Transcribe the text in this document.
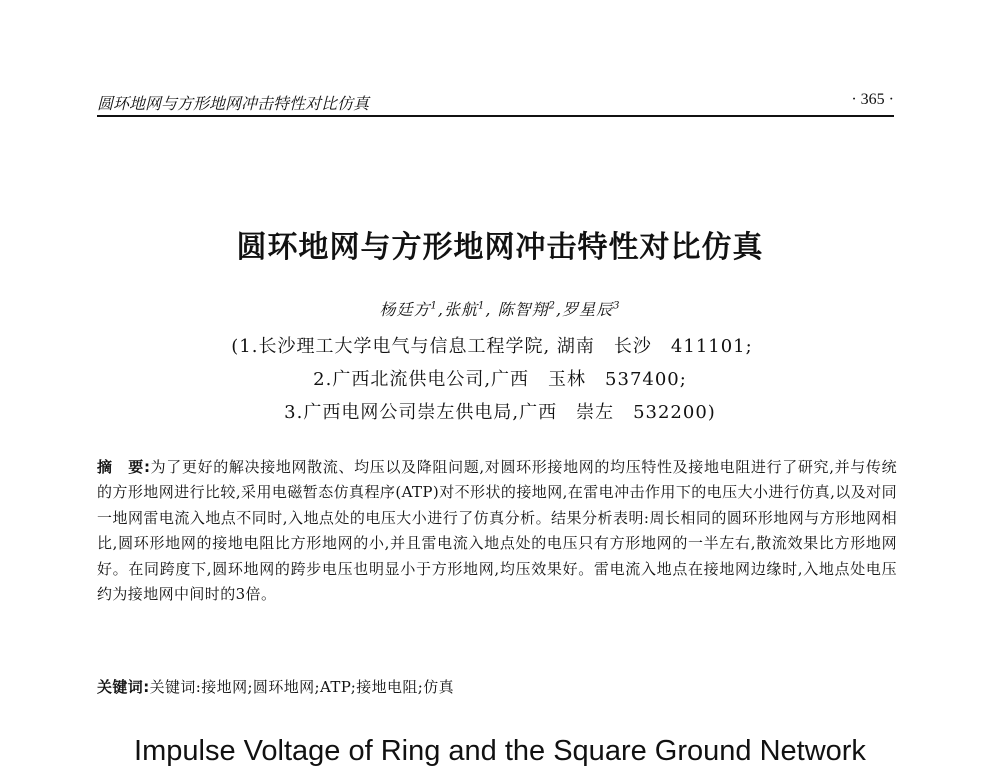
圆环地网与方形地网冲击特性对比仿真	· 365 ·
圆环地网与方形地网冲击特性对比仿真
杨廷方$^1$,张航$^1$, 陈智翔$^2$,罗星辰$^3$
(1.长沙理工大学电气与信息工程学院, 湖南　长沙　411101;
2.广西北流供电公司,广西　玉林　537400;
3.广西电网公司崇左供电局,广西　崇左　532200)
摘　要:为了更好的解决接地网散流、均压以及降阻问题,对圆环形接地网的均压特性及接地电阻进行了研究,并与传统的方形地网进行比较,采用电磁暂态仿真程序(ATP)对不形状的接地网,在雷电冲击作用下的电压大小进行仿真,以及对同一地网雷电流入地点不同时,入地点处的电压大小进行了仿真分析。结果分析表明:周长相同的圆环形地网与方形地网相比,圆环形地网的接地电阻比方形地网的小,并且雷电流入地点处的电压只有方形地网的一半左右,散流效果比方形地网好。在同跨度下,圆环地网的跨步电压也明显小于方形地网,均压效果好。雷电流入地点在接地网边缘时,入地点处电压约为接地网中间时的3倍。
关键词:关键词:接地网;圆环地网;ATP;接地电阻;仿真
Impulse Voltage of Ring and the Square Ground Network
